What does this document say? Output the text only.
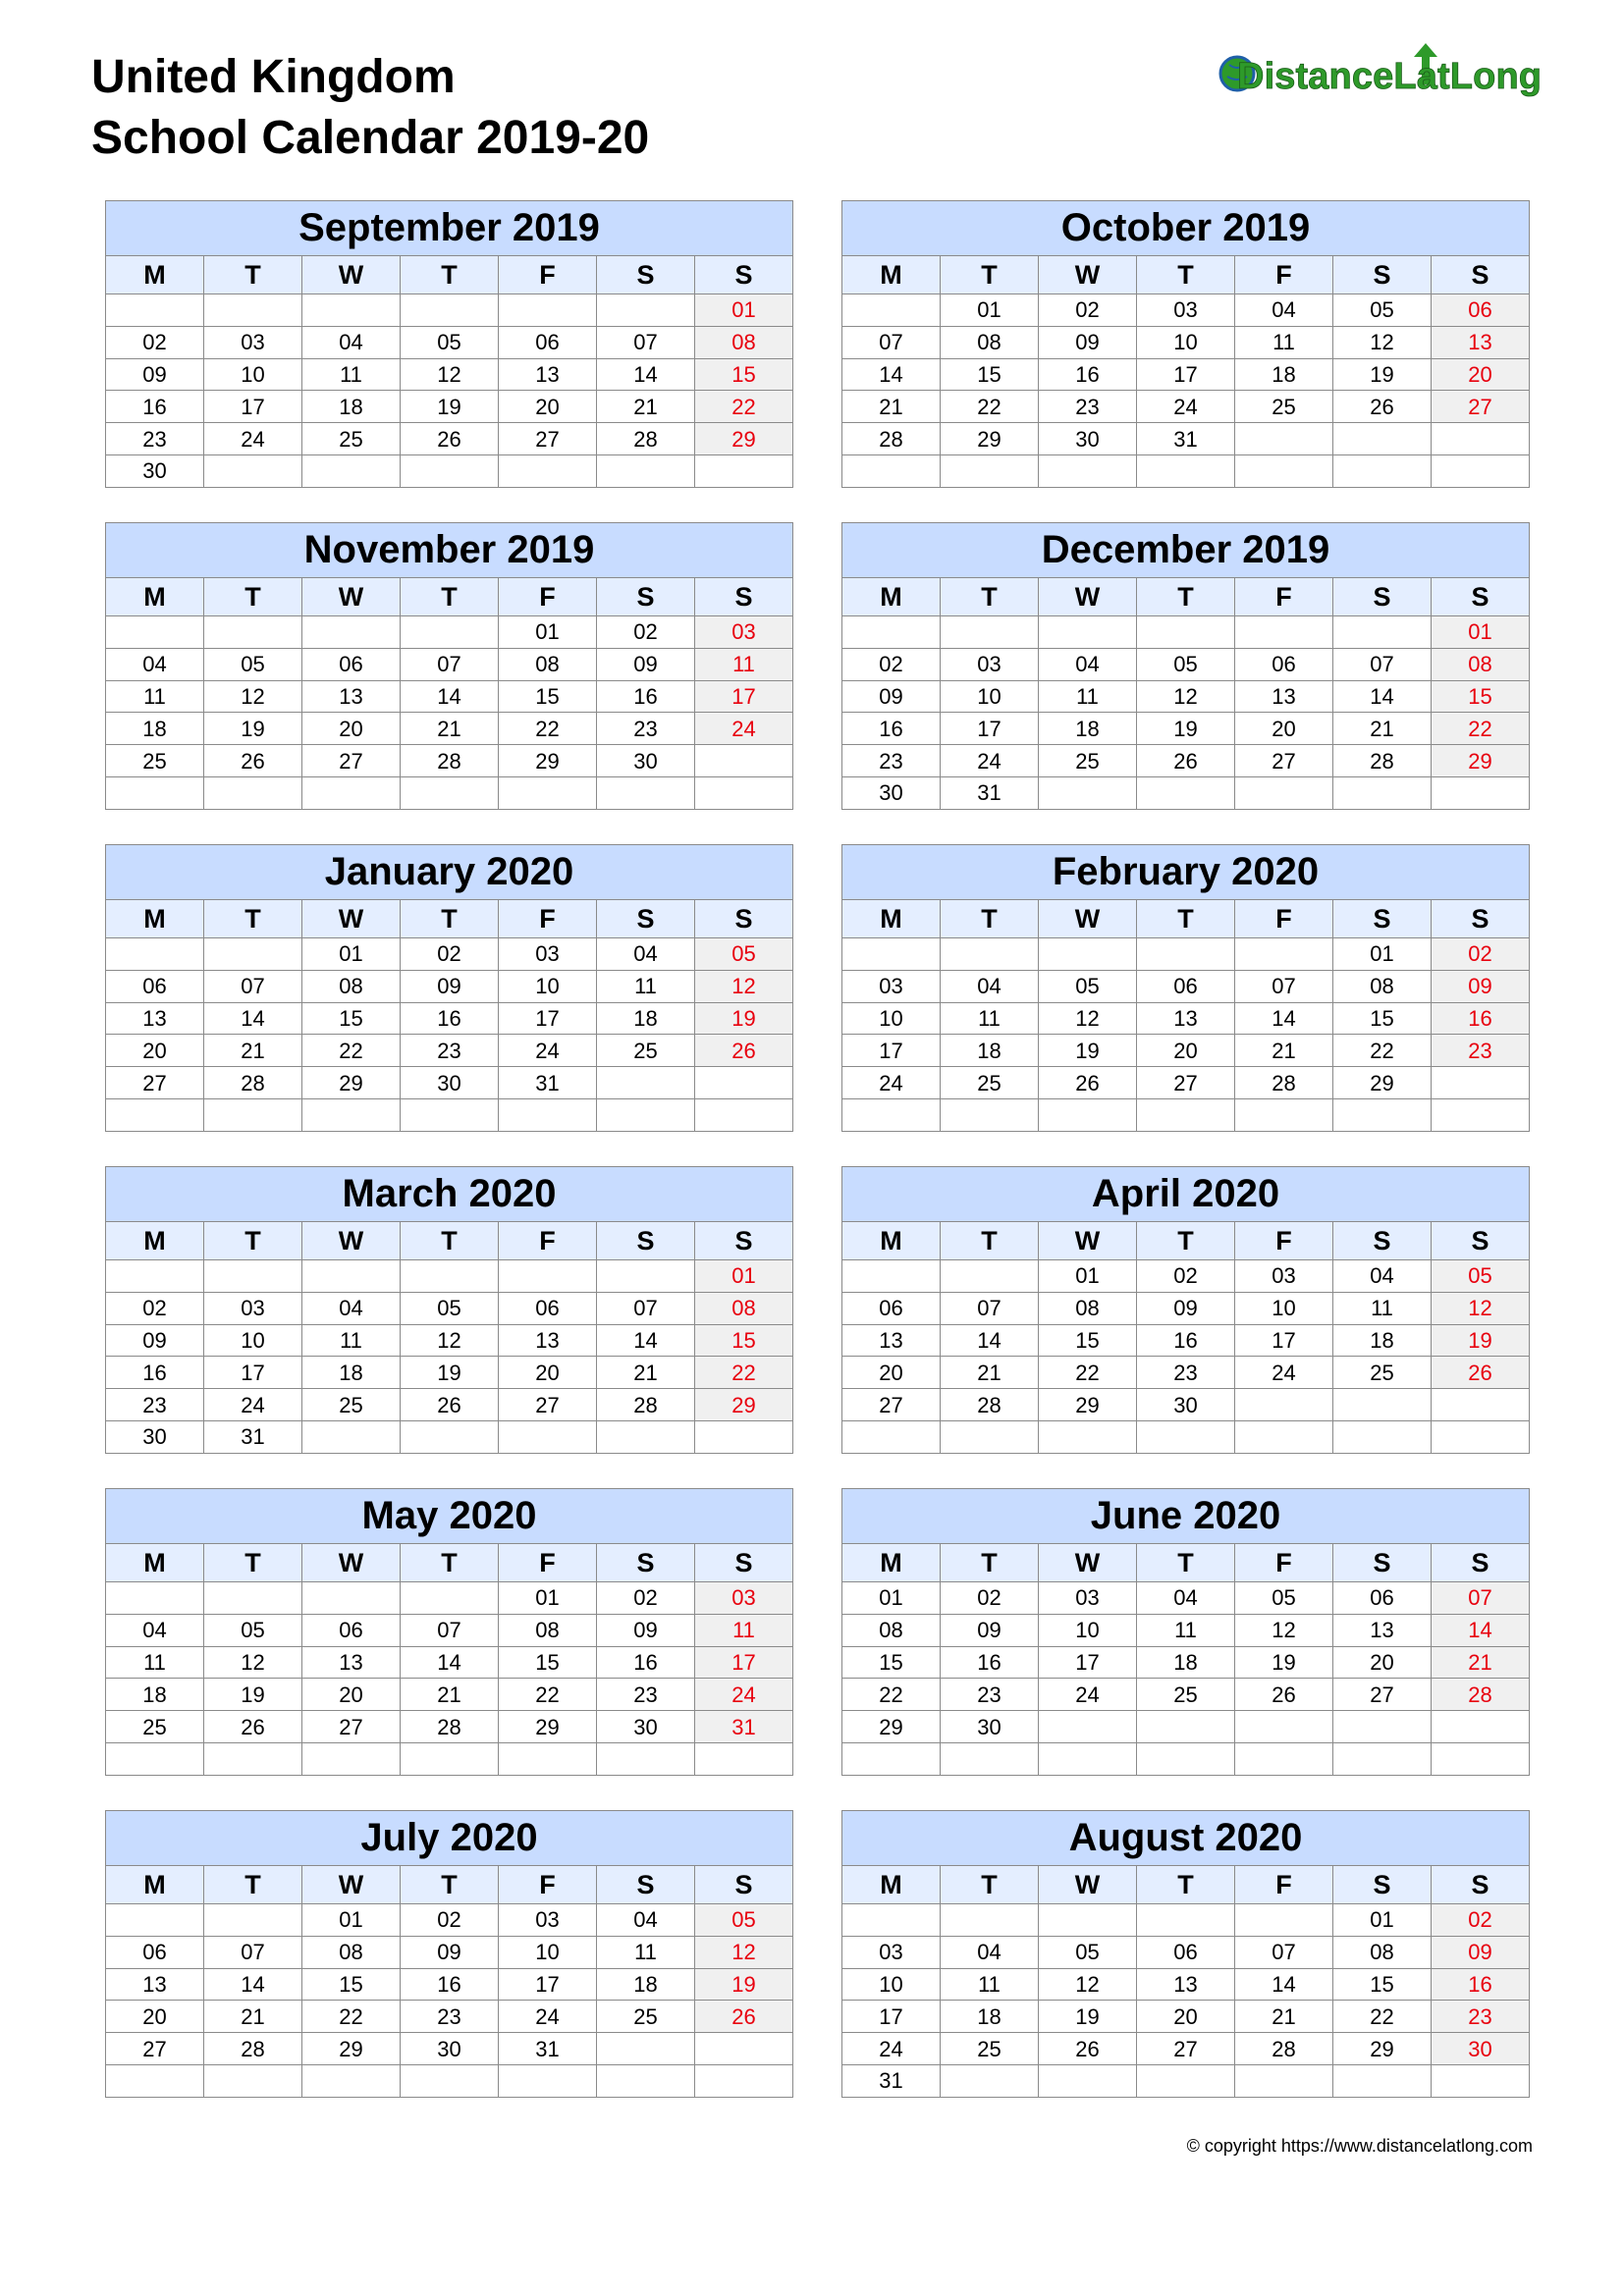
United Kingdom
School Calendar 2019-20
DistanceLatLong
September 2019						
M	T	W	T	F	S	S
						01
02	03	04	05	06	07	08
09	10	11	12	13	14	15
16	17	18	19	20	21	22
23	24	25	26	27	28	29
30						
October 2019						
M	T	W	T	F	S	S
	01	02	03	04	05	06
07	08	09	10	11	12	13
14	15	16	17	18	19	20
21	22	23	24	25	26	27
28	29	30	31			

November 2019						
M	T	W	T	F	S	S
				01	02	03
04	05	06	07	08	09	11
11	12	13	14	15	16	17
18	19	20	21	22	23	24
25	26	27	28	29	30	

December 2019						
M	T	W	T	F	S	S
						01
02	03	04	05	06	07	08
09	10	11	12	13	14	15
16	17	18	19	20	21	22
23	24	25	26	27	28	29
30	31					
January 2020						
M	T	W	T	F	S	S
		01	02	03	04	05
06	07	08	09	10	11	12
13	14	15	16	17	18	19
20	21	22	23	24	25	26
27	28	29	30	31		

February 2020						
M	T	W	T	F	S	S
					01	02
03	04	05	06	07	08	09
10	11	12	13	14	15	16
17	18	19	20	21	22	23
24	25	26	27	28	29	

March 2020						
M	T	W	T	F	S	S
						01
02	03	04	05	06	07	08
09	10	11	12	13	14	15
16	17	18	19	20	21	22
23	24	25	26	27	28	29
30	31					
April 2020						
M	T	W	T	F	S	S
		01	02	03	04	05
06	07	08	09	10	11	12
13	14	15	16	17	18	19
20	21	22	23	24	25	26
27	28	29	30			

May 2020						
M	T	W	T	F	S	S
				01	02	03
04	05	06	07	08	09	11
11	12	13	14	15	16	17
18	19	20	21	22	23	24
25	26	27	28	29	30	31

June 2020						
M	T	W	T	F	S	S
01	02	03	04	05	06	07
08	09	10	11	12	13	14
15	16	17	18	19	20	21
22	23	24	25	26	27	28
29	30					

July 2020						
M	T	W	T	F	S	S
		01	02	03	04	05
06	07	08	09	10	11	12
13	14	15	16	17	18	19
20	21	22	23	24	25	26
27	28	29	30	31		

August 2020						
M	T	W	T	F	S	S
					01	02
03	04	05	06	07	08	09
10	11	12	13	14	15	16
17	18	19	20	21	22	23
24	25	26	27	28	29	30
31						
© copyright https://www.distancelatlong.com
